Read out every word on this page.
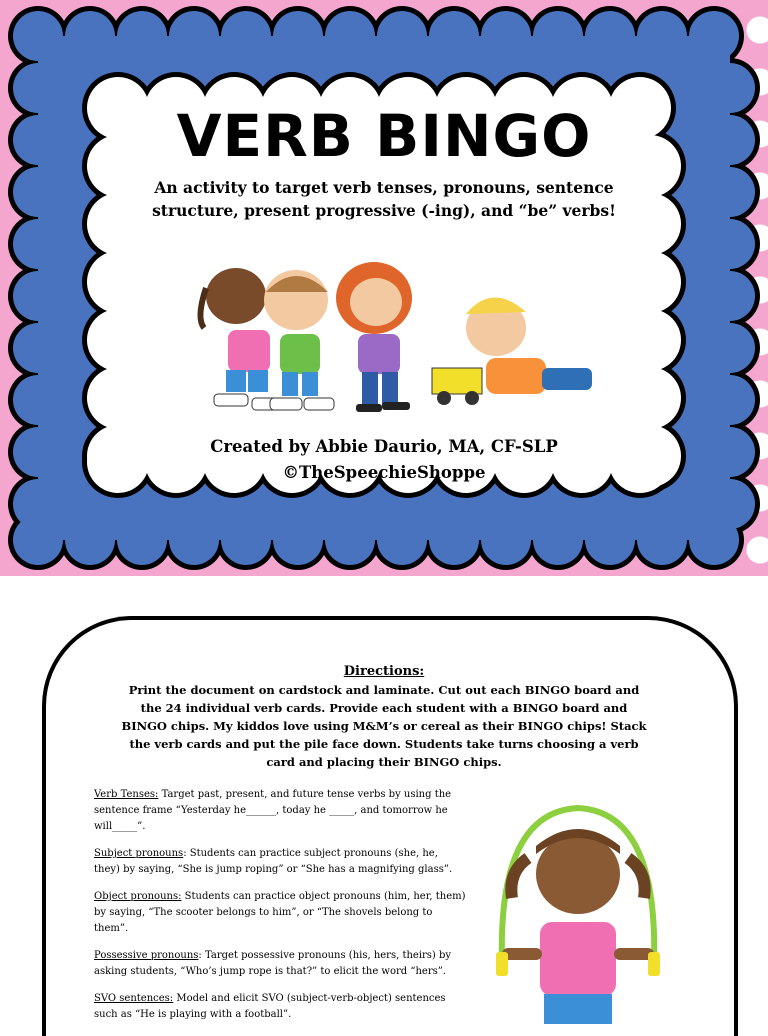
VERB BINGO
An activity to target verb tenses, pronouns, sentence structure, present progressive (-ing), and “be” verbs!
Created by Abbie Daurio, MA, CF-SLP
©TheSpeechieShoppe
Directions:
Print the document on cardstock and laminate. Cut out each BINGO board and the 24 individual verb cards. Provide each student with a BINGO board and BINGO chips. My kiddos love using M&M’s or cereal as their BINGO chips! Stack the verb cards and put the pile face down. Students take turns choosing a verb card and placing their BINGO chips.
Verb Tenses: Target past, present, and future tense verbs by using the sentence frame “Yesterday he______, today he _____, and tomorrow he will_____”.
Subject pronouns: Students can practice subject pronouns (she, he, they) by saying, “She is jump roping” or “She has a magnifying glass”.
Object pronouns: Students can practice object pronouns (him, her, them) by saying, “The scooter belongs to him”, or “The shovels belong to them”.
Possessive pronouns: Target possessive pronouns (his, hers, theirs) by asking students, “Who’s jump rope is that?” to elicit the word “hers”.
SVO sentences: Model and elicit SVO (subject-verb-object) sentences such as “He is playing with a football”.
